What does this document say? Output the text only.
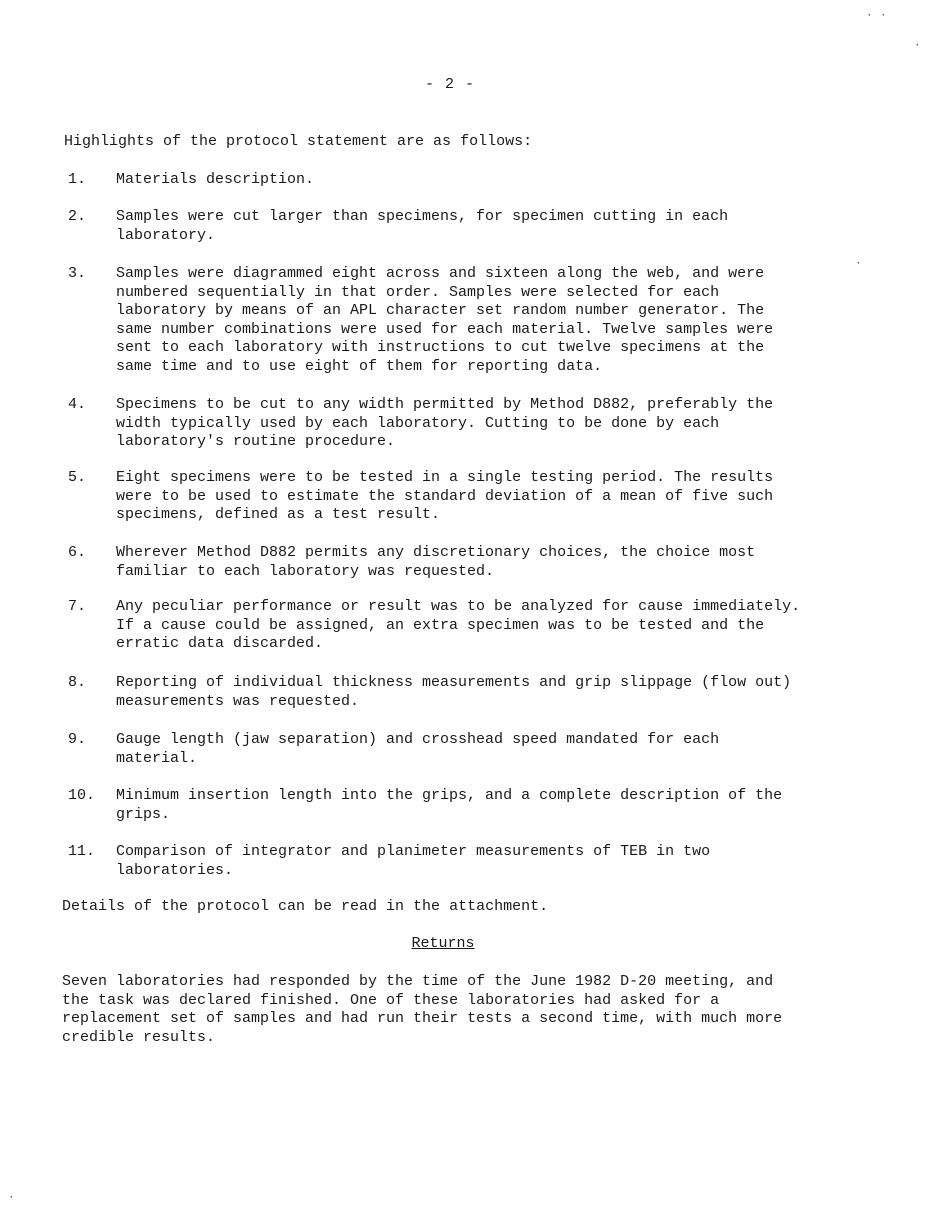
- 2 -

Highlights of the protocol statement are as follows:

1.	Materials description.
2.	Samples were cut larger than specimens, for specimen cutting in each
laboratory.
3.	Samples were diagrammed eight across and sixteen along the web, and were
numbered sequentially in that order. Samples were selected for each
laboratory by means of an APL character set random number generator. The
same number combinations were used for each material. Twelve samples were
sent to each laboratory with instructions to cut twelve specimens at the
same time and to use eight of them for reporting data.
4.	Specimens to be cut to any width permitted by Method D882, preferably the
width typically used by each laboratory. Cutting to be done by each
laboratory's routine procedure.
5.	Eight specimens were to be tested in a single testing period. The results
were to be used to estimate the standard deviation of a mean of five such
specimens, defined as a test result.
6.	Wherever Method D882 permits any discretionary choices, the choice most
familiar to each laboratory was requested.
7.	Any peculiar performance or result was to be analyzed for cause immediately.
If a cause could be assigned, an extra specimen was to be tested and the
erratic data discarded.
8.	Reporting of individual thickness measurements and grip slippage (flow out)
measurements was requested.
9.	Gauge length (jaw separation) and crosshead speed mandated for each
material.
10.	Minimum insertion length into the grips, and a complete description of the
grips.
11.	Comparison of integrator and planimeter measurements of TEB in two
laboratories.
Details of the protocol can be read in the attachment.
Returns
Seven laboratories had responded by the time of the June 1982 D-20 meeting, and
the task was declared finished. One of these laboratories had asked for a
replacement set of samples and had run their tests a second time, with much more
credible results.
· ·
·
·
·
